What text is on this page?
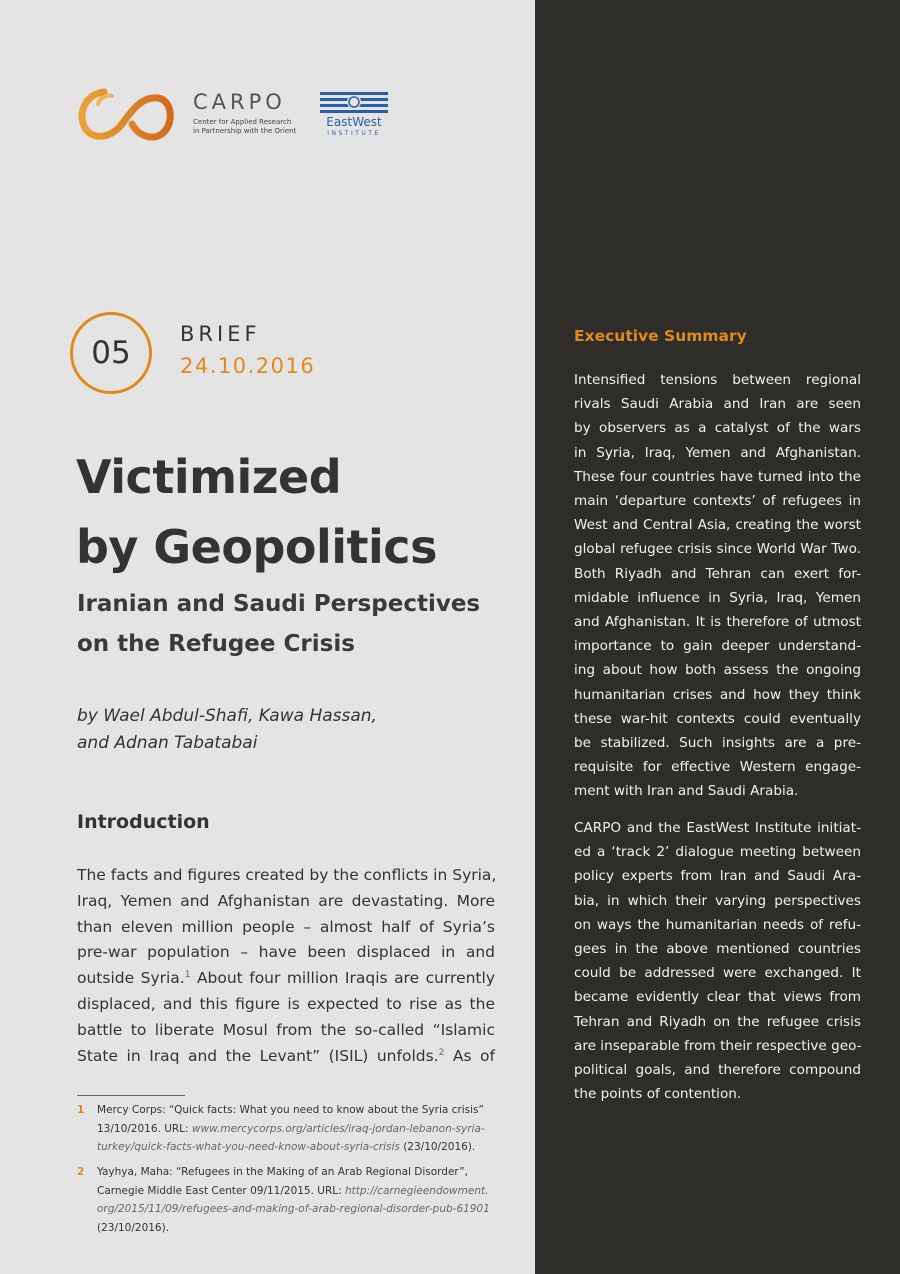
CARPO
Center for Applied Research
in Partnership with the Orient
EastWest
INSTITUTE
05
BRIEF
24.10.2016
Victimized
by Geopolitics
Iranian and Saudi Perspectives
on the Refugee Crisis
by Wael Abdul-Shafi, Kawa Hassan,
and Adnan Tabatabai
Introduction
The facts and figures created by the conflicts in Syria,
Iraq, Yemen and Afghanistan are devastating. More
than eleven million people – almost half of Syria’s
pre-war population – have been displaced in and
outside Syria.$^1$ About four million Iraqis are currently
displaced, and this figure is expected to rise as the
battle to liberate Mosul from the so-called “Islamic
State in Iraq and the Levant” (ISIL) unfolds.$^2$ As of
1 Mercy Corps: “Quick facts: What you need to know about the Syria crisis”
13/10/2016. URL: www.mercycorps.org/articles/iraq-jordan-lebanon-syria-
turkey/quick-facts-what-you-need-know-about-syria-crisis (23/10/2016).
2 Yayhya, Maha: “Refugees in the Making of an Arab Regional Disorder”,
Carnegie Middle East Center 09/11/2015. URL: http://carnegieendowment.
org/2015/11/09/refugees-and-making-of-arab-regional-disorder-pub-61901
(23/10/2016).
Executive Summary
Intensified tensions between regional
rivals Saudi Arabia and Iran are seen
by observers as a catalyst of the wars
in Syria, Iraq, Yemen and Afghanistan.
These four countries have turned into the
main ‘departure contexts’ of refugees in
West and Central Asia, creating the worst
global refugee crisis since World War Two.
Both Riyadh and Tehran can exert for-
midable influence in Syria, Iraq, Yemen
and Afghanistan. It is therefore of utmost
importance to gain deeper understand-
ing about how both assess the ongoing
humanitarian crises and how they think
these war-hit contexts could eventually
be stabilized. Such insights are a pre-
requisite for effective Western engage-
ment with Iran and Saudi Arabia.
CARPO and the EastWest Institute initiat-
ed a ‘track 2’ dialogue meeting between
policy experts from Iran and Saudi Ara-
bia, in which their varying perspectives
on ways the humanitarian needs of refu-
gees in the above mentioned countries
could be addressed were exchanged. It
became evidently clear that views from
Tehran and Riyadh on the refugee crisis
are inseparable from their respective geo-
political goals, and therefore compound
the points of contention.
